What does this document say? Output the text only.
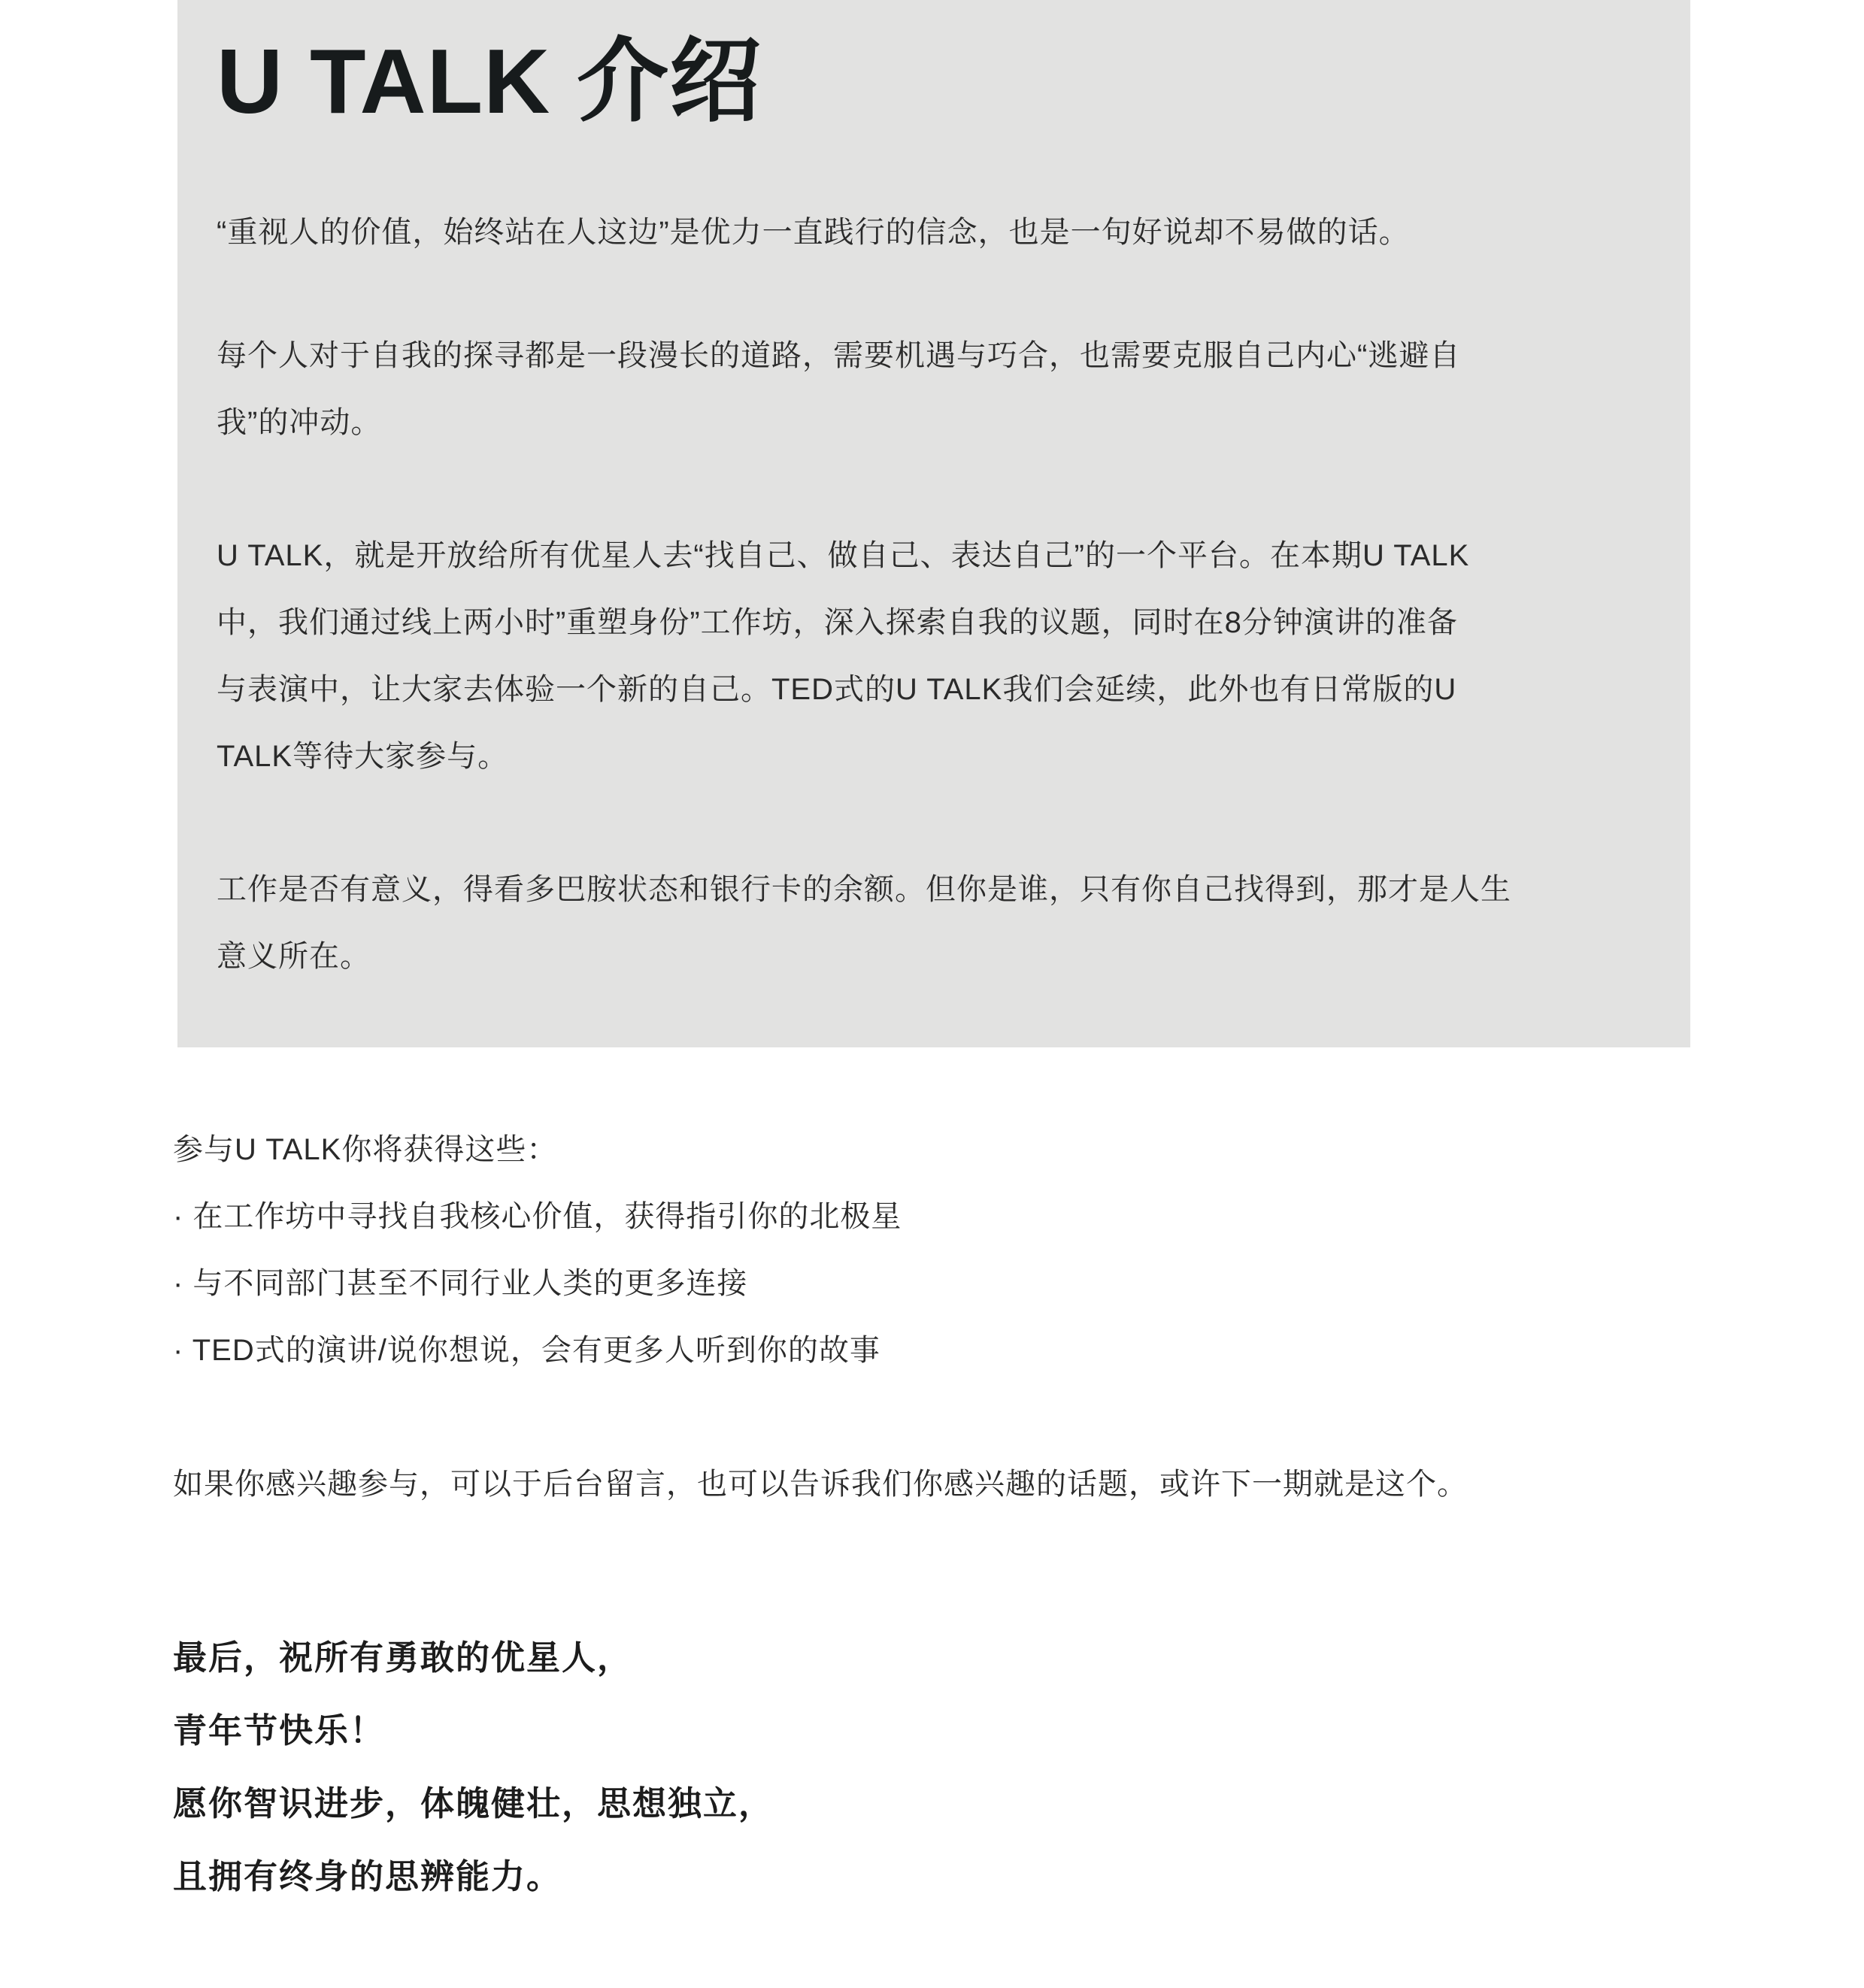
U TALK 介绍
“重视人的价值，始终站在人这边”是优力一直践行的信念，也是一句好说却不易做的话。
每个人对于自我的探寻都是一段漫长的道路，需要机遇与巧合，也需要克服自己内心“逃避自
我”的冲动。
U TALK，就是开放给所有优星人去“找自己、做自己、表达自己”的一个平台。在本期U TALK
中，我们通过线上两小时”重塑身份”工作坊，深入探索自我的议题，同时在8分钟演讲的准备
与表演中，让大家去体验一个新的自己。TED式的U TALK我们会延续，此外也有日常版的U
TALK等待大家参与。
工作是否有意义，得看多巴胺状态和银行卡的余额。但你是谁，只有你自己找得到，那才是人生
意义所在。
参与U TALK你将获得这些：
· 在工作坊中寻找自我核心价值，获得指引你的北极星
· 与不同部门甚至不同行业人类的更多连接
· TED式的演讲/说你想说，会有更多人听到你的故事
如果你感兴趣参与，可以于后台留言，也可以告诉我们你感兴趣的话题，或许下一期就是这个。
最后，祝所有勇敢的优星人，
青年节快乐！
愿你智识进步，体魄健壮，思想独立，
且拥有终身的思辨能力。
